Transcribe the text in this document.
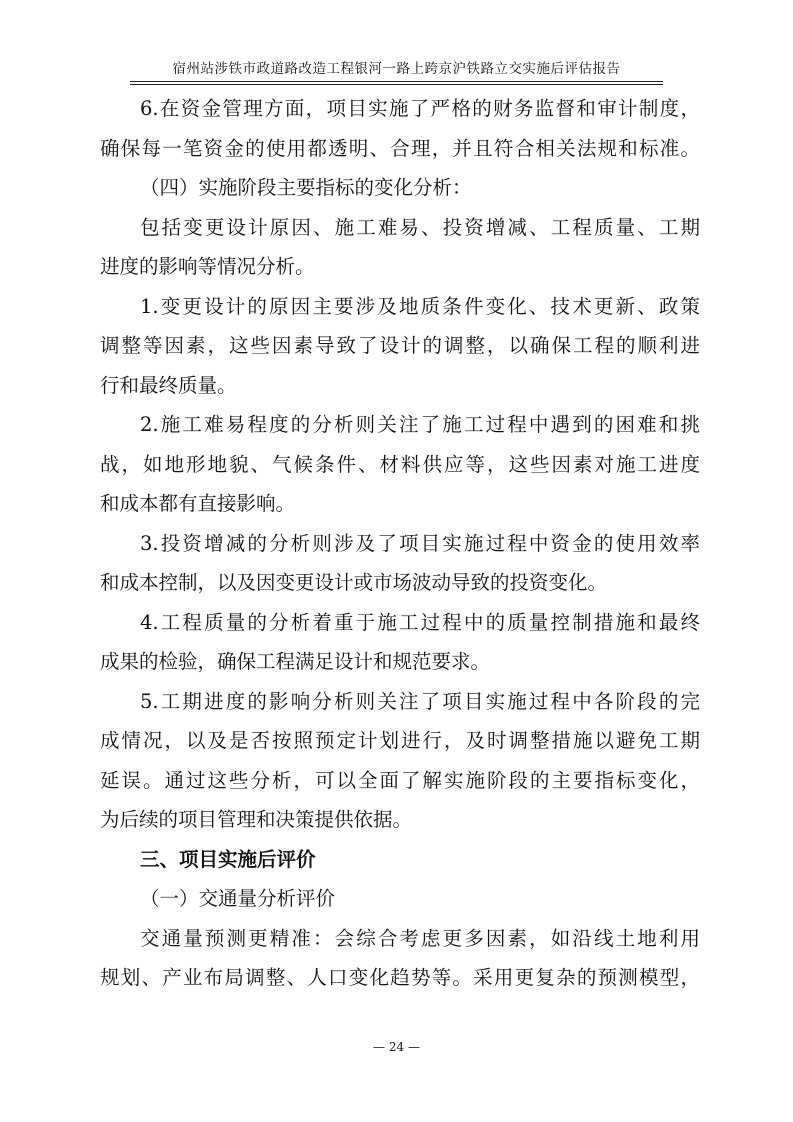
宿州站涉铁市政道路改造工程银河一路上跨京沪铁路立交实施后评估报告
6.在资金管理方面，项目实施了严格的财务监督和审计制度，
确保每一笔资金的使用都透明、合理，并且符合相关法规和标准。
（四）实施阶段主要指标的变化分析：
包括变更设计原因、施工难易、投资增减、工程质量、工期
进度的影响等情况分析。
1.变更设计的原因主要涉及地质条件变化、技术更新、政策
调整等因素，这些因素导致了设计的调整，以确保工程的顺利进
行和最终质量。
2.施工难易程度的分析则关注了施工过程中遇到的困难和挑
战，如地形地貌、气候条件、材料供应等，这些因素对施工进度
和成本都有直接影响。
3.投资增减的分析则涉及了项目实施过程中资金的使用效率
和成本控制，以及因变更设计或市场波动导致的投资变化。
4.工程质量的分析着重于施工过程中的质量控制措施和最终
成果的检验，确保工程满足设计和规范要求。
5.工期进度的影响分析则关注了项目实施过程中各阶段的完
成情况，以及是否按照预定计划进行，及时调整措施以避免工期
延误。通过这些分析，可以全面了解实施阶段的主要指标变化，
为后续的项目管理和决策提供依据。
三、项目实施后评价
（一）交通量分析评价
交通量预测更精准：会综合考虑更多因素，如沿线土地利用
规划、产业布局调整、人口变化趋势等。采用更复杂的预测模型，
— 24 —
